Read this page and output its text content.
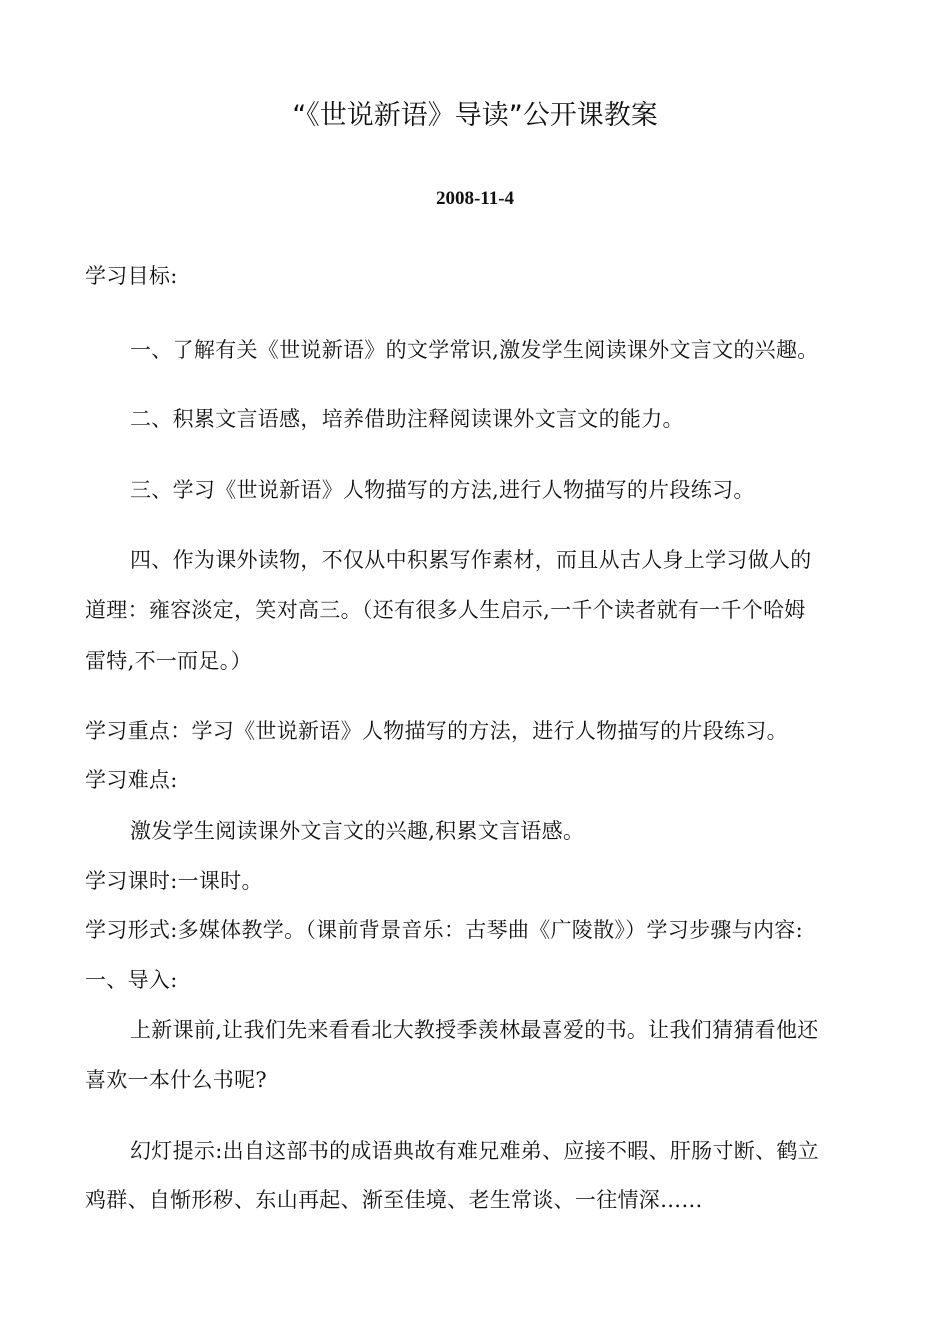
“《世说新语》导读”公开课教案
2008-11-4
学习目标:
一、了解有关《世说新语》的文学常识,激发学生阅读课外文言文的兴趣。
二、积累文言语感，培养借助注释阅读课外文言文的能力。
三、学习《世说新语》人物描写的方法,进行人物描写的片段练习。
四、作为课外读物，不仅从中积累写作素材，而且从古人身上学习做人的
道理：雍容淡定，笑对高三。（还有很多人生启示,一千个读者就有一千个哈姆
雷特,不一而足。）
学习重点：学习《世说新语》人物描写的方法，进行人物描写的片段练习。
学习难点:
激发学生阅读课外文言文的兴趣,积累文言语感。
学习课时:一课时。
学习形式:多媒体教学。（课前背景音乐：古琴曲《广陵散》）学习步骤与内容:
一、导入:
上新课前,让我们先来看看北大教授季羡林最喜爱的书。让我们猜猜看他还
喜欢一本什么书呢?
幻灯提示:出自这部书的成语典故有难兄难弟、应接不暇、肝肠寸断、鹤立
鸡群、自惭形秽、东山再起、渐至佳境、老生常谈、一往情深……
